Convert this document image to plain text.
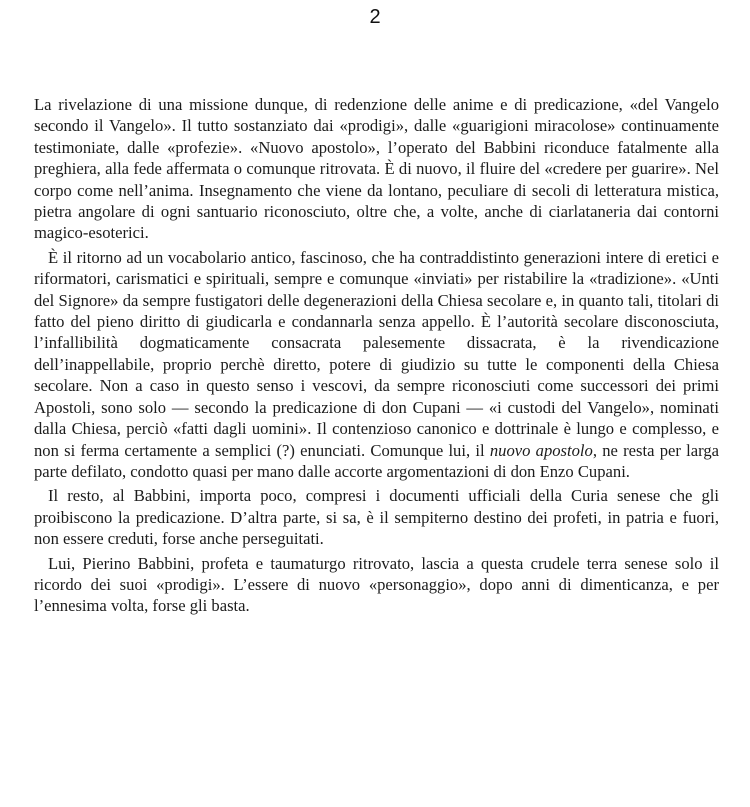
2

La rivelazione di una missione dunque, di redenzione delle anime e di predicazione, «del Vangelo secondo il Vangelo». Il tutto sostanziato dai «prodigi», dalle «guarigioni miracolose» continuamente testimoniate, dalle «profezie». «Nuovo apostolo», l’operato del Babbini riconduce fatalmente alla preghiera, alla fede affermata o comunque ritrovata. È di nuovo, il fluire del «credere per guarire». Nel corpo come nell’anima. Insegnamento che viene da lontano, peculiare di secoli di letteratura mistica, pietra angolare di ogni santuario riconosciuto, oltre che, a volte, anche di ciarlataneria dai contorni magico-esoterici.

È il ritorno ad un vocabolario antico, fascinoso, che ha contraddistinto generazioni intere di eretici e riformatori, carismatici e spirituali, sempre e comunque «inviati» per ristabilire la «tradizione». «Unti del Signore» da sempre fustigatori delle degenerazioni della Chiesa secolare e, in quanto tali, titolari di fatto del pieno diritto di giudicarla e condannarla senza appello. È l’autorità secolare disconosciuta, l’infallibilità dogmaticamente consacrata palesemente dissacrata, è la rivendicazione dell’inappellabile, proprio perchè diretto, potere di giudizio su tutte le componenti della Chiesa secolare. Non a caso in questo senso i vescovi, da sempre riconosciuti come successori dei primi Apostoli, sono solo — secondo la predicazione di don Cupani — «i custodi del Vangelo», nominati dalla Chiesa, perciò «fatti dagli uomini». Il contenzioso canonico e dottrinale è lungo e complesso, e non si ferma certamente a semplici (?) enunciati. Comunque lui, il nuovo apostolo, ne resta per larga parte defilato, condotto quasi per mano dalle accorte argomentazioni di don Enzo Cupani.

Il resto, al Babbini, importa poco, compresi i documenti ufficiali della Curia senese che gli proibiscono la predicazione. D’altra parte, si sa, è il sempiterno destino dei profeti, in patria e fuori, non essere creduti, forse anche perseguitati.

Lui, Pierino Babbini, profeta e taumaturgo ritrovato, lascia a questa crudele terra senese solo il ricordo dei suoi «prodigi». L’essere di nuovo «personaggio», dopo anni di dimenticanza, e per l’ennesima volta, forse gli basta.
